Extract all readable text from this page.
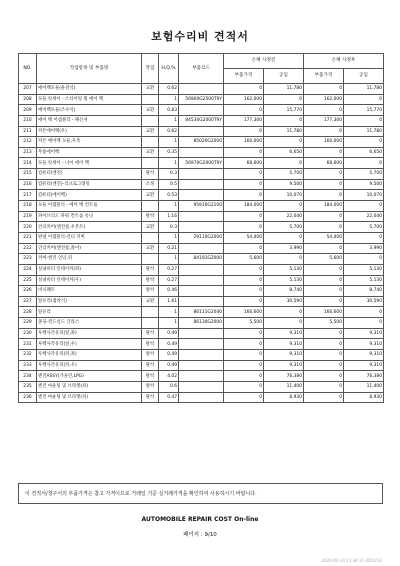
보험수리비 견적서
NO.	작업항목 및 부품명	작업	H,Q,%	부품코드	손해 사정전		손해 사정후	
					부품가격	공임	부품가격	공임
207	에어백모듈(운전석)	교환	0.62		0	11,780	0	11,780
208	모듈 앗세이 - 스티어링 휠 에어 백		1	56900G2500T9Y	162,000	0	162,000	0
209	에어백모듈(조수석)	교환	0.83		0	15,770	0	15,770
210	에어 백 어셈블리 - 패신저		1	84530G2000T9Y	177,300	0	177,300	0
211	커튼에어백(우)	교환	0.62		0	11,780	0	11,780
212	커튼 에어백 모듈,우측		1	85020G2000	160,000	0	160,000	0
213	무릎에어백	교환	0.35		0	6,650	0	6,650
214	모듈 앗세이 - 니이 에어 백		1	56970G2000T9Y	68,600	0	68,600	0
215	컴퓨터(엔진)	탈착	0.3		0	5,700	0	5,700
216	컴퓨터(엔진)-리프로그래밍	조정	0.5		0	9,500	0	9,500
217	컴퓨터(에어백)	교환	0.53		0	10,070	0	10,070
218	모듈 어셈블리 - 에어 백 컨트롤		1	95910G2100	184,000	0	184,000	0
219	파이브리드 파워 컨트롤 유닛	탈착	1.16		0	22,040	0	22,040
220	언더커버(엔진룸,우몬트)	교환	0.3		0	5,700	0	5,700
221	판넬 어셈블리-언더 커버		1	29110G2000	54,400	0	54,400	0
222	언더커버(엔진룸,좌어)	교환	0.21		0	3,990	0	3,990
223	커버-엔진 언더,뒤		1	84191G2000	5,600	0	5,600	0
224	실내히터 인테이커(좌)	탈착	0.27		0	5,130	0	5,130
225	실내히터 인테이커(우)	탈착	0.27		0	5,130	0	5,130
226	비닉패트	탈착	0.46		0	8,740	0	8,740
227	앞유리(접착식)	교환	1.61		0	30,590	0	30,590
228	앞유리		1	86111G2040	166,600	0	166,600	0
229	몰딩-윈드실드 글라스		1	86130G2000	5,500	0	5,500	0
230	루핵사각유리(앞,좌)	탈착	0.49		0	9,310	0	9,310
231	루핵사각유리(앞,우)	탈착	0.49		0	9,310	0	9,310
232	루핵사각유리(뒤,좌)	탈착	0.49		0	9,310	0	9,310
233	루핵사각유리(뒤,우)	탈착	0.49		0	9,310	0	9,310
234	엔진ASSY(가솔린,LPG)	탈착	4.02		0	76,380	0	76,380
235	엔진 마운팅 및 브라켓(좌)	탈착	0.6		0	11,400	0	11,400
236	엔진 마운팅 및 브라켓(뒤)	탈착	0.47		0	8,930	0	8,930
이 견적서/청구서의 부품가격은 참고 가격이므로 거래일 기준 실거래가격을 확인하여 사용하시기 바랍니다.
AUTOMOBILE REPAIR COST On-line
페이지 : 9/10
2020-04-10 11:34:31 4014/12
